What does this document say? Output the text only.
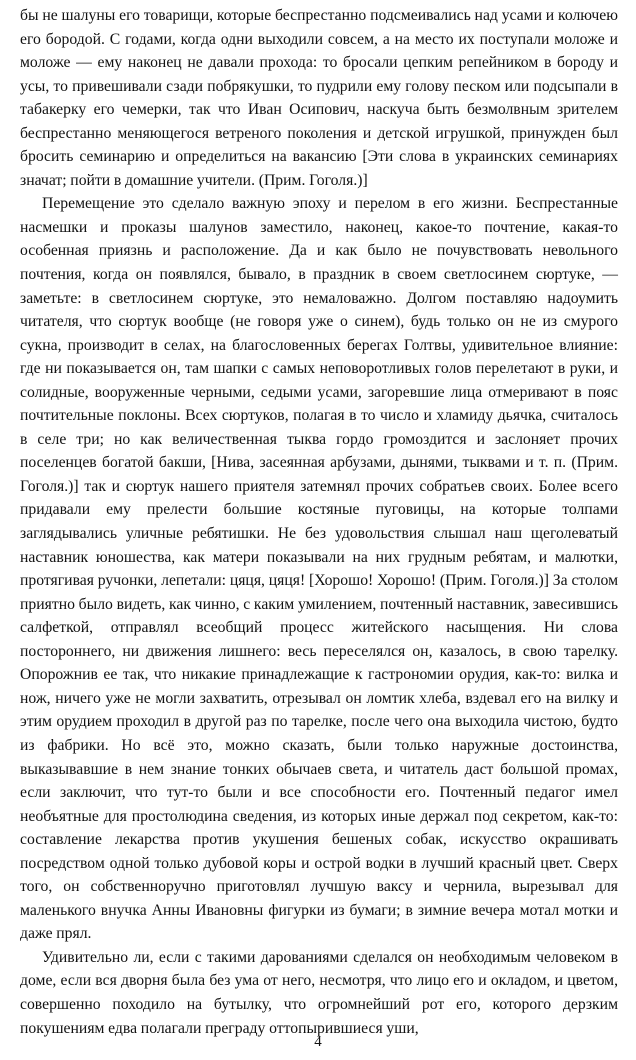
бы не шалуны его товарищи, которые беспрестанно подсмеивались над усами и колючею его бородой. С годами, когда одни выходили совсем, а на место их поступали моложе и моложе — ему наконец не давали прохода: то бросали цепким репейником в бороду и усы, то привешивали сзади побрякушки, то пудрили ему голову песком или подсыпали в табакерку его чемерки, так что Иван Осипович, наскуча быть безмолвным зрителем беспрестанно меняющегося ветреного поколения и детской игрушкой, принужден был бросить семинарию и определиться на вакансию [Эти слова в украинских семинариях значат; пойти в домашние учители. (Прим. Гоголя.)]

Перемещение это сделало важную эпоху и перелом в его жизни. Беспрестанные насмешки и проказы шалунов заместило, наконец, какое-то почтение, какая-то особенная приязнь и расположение. Да и как было не почувствовать невольного почтения, когда он появлялся, бывало, в праздник в своем светлосинем сюртуке, — заметьте: в светлосинем сюртуке, это немаловажно. Долгом поставляю надоумить читателя, что сюртук вообще (не говоря уже о синем), будь только он не из смурого сукна, производит в селах, на благословенных берегах Голтвы, удивительное влияние: где ни показывается он, там шапки с самых неповоротливых голов перелетают в руки, и солидные, вооруженные черными, седыми усами, загоревшие лица отмеривают в пояс почтительные поклоны. Всех сюртуков, полагая в то число и хламиду дьячка, считалось в селе три; но как величественная тыква гордо громоздится и заслоняет прочих поселенцев богатой бакши, [Нива, засеянная арбузами, дынями, тыквами и т. п. (Прим. Гоголя.)] так и сюртук нашего приятеля затемнял прочих собратьев своих. Более всего придавали ему прелести большие костяные пуговицы, на которые толпами заглядывались уличные ребятишки. Не без удовольствия слышал наш щеголеватый наставник юношества, как матери показывали на них грудным ребятам, и малютки, протягивая ручонки, лепетали: цяця, цяця! [Хорошо! Хорошо! (Прим. Гоголя.)] За столом приятно было видеть, как чинно, с каким умилением, почтенный наставник, завесившись салфеткой, отправлял всеобщий процесс житейского насыщения. Ни слова постороннего, ни движения лишнего: весь переселялся он, казалось, в свою тарелку. Опорожнив ее так, что никакие принадлежащие к гастрономии орудия, как-то: вилка и нож, ничего уже не могли захватить, отрезывал он ломтик хлеба, вздевал его на вилку и этим орудием проходил в другой раз по тарелке, после чего она выходила чистою, будто из фабрики. Но всё это, можно сказать, были только наружные достоинства, выказывавшие в нем знание тонких обычаев света, и читатель даст большой промах, если заключит, что тут-то были и все способности его. Почтенный педагог имел необъятные для простолюдина сведения, из которых иные держал под секретом, как-то: составление лекарства против укушения бешеных собак, искусство окрашивать посредством одной только дубовой коры и острой водки в лучший красный цвет. Сверх того, он собственноручно приготовлял лучшую ваксу и чернила, вырезывал для маленького внучка Анны Ивановны фигурки из бумаги; в зимние вечера мотал мотки и даже прял.

Удивительно ли, если с такими дарованиями сделался он необходимым человеком в доме, если вся дворня была без ума от него, несмотря, что лицо его и окладом, и цветом, совершенно походило на бутылку, что огромнейший рот его, которого дерзким покушениям едва полагали преграду оттопырившиеся уши,

4
